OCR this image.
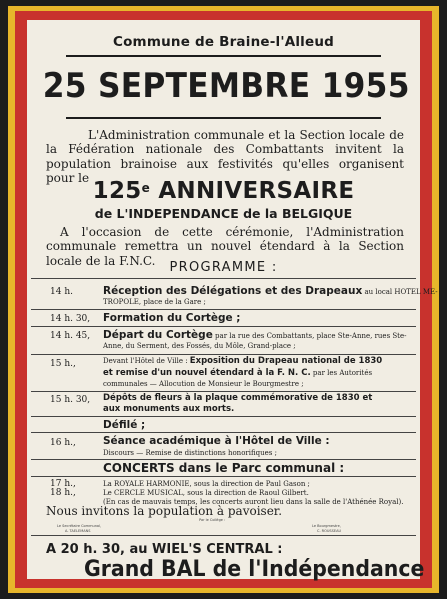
Commune de Braine-l'Alleud
25 SEPTEMBRE 1955
L'Administration communale et la Section locale de la Fédération nationale des Combattants invitent la population brainoise aux festivités qu'elles organisent pour le
125e ANNIVERSAIRE
de L'INDEPENDANCE de la BELGIQUE
A l'occasion de cette cérémonie, l'Administration communale remettra un nouvel étendard à la Section locale de la F.N.C.	PROGRAMME :
14 h.	Réception des Délégations et des Drapeaux au local HOTEL ME-
TROPOLE, place de la Gare ;
14 h. 30, Formation du Cortège ;
14 h. 45, Départ du Cortège par la rue des Combattants, place Ste-Anne, rues Ste-
Anne, du Serment, des Fossés, du Môle, Grand-place ;
15 h.,	Devant l'Hôtel de Ville : Exposition du Drapeau national de 1830
et remise d'un nouvel étendard à la F. N. C. par les Autorités
communales — Allocution de Monsieur le Bourgmestre ;
15 h. 30, Dépôts de fleurs à la plaque commémorative de 1830 et
aux monuments aux morts.
Défilé ;
16 h.,	Séance académique à l'Hôtel de Ville :
Discours — Remise de distinctions honorifiques ;
CONCERTS dans le Parc communal :
17 h.,	La ROYALE HARMONIE, sous la direction de Paul Gason ;
18 h.,	Le CERCLE MUSICAL, sous la direction de Raoul Gilbert.
(En cas de mauvais temps, les concerts auront lieu dans la salle de l'Athénée Royal).
Nous invitons la population à pavoiser.
Le Secrétaire Communal,
A. TAELEMANS
Par le Collège :
Le Bourgmestre,
C. ROUSSEAU
A 20 h. 30, au WIEL'S CENTRAL :
Grand BAL de l'Indépendance
